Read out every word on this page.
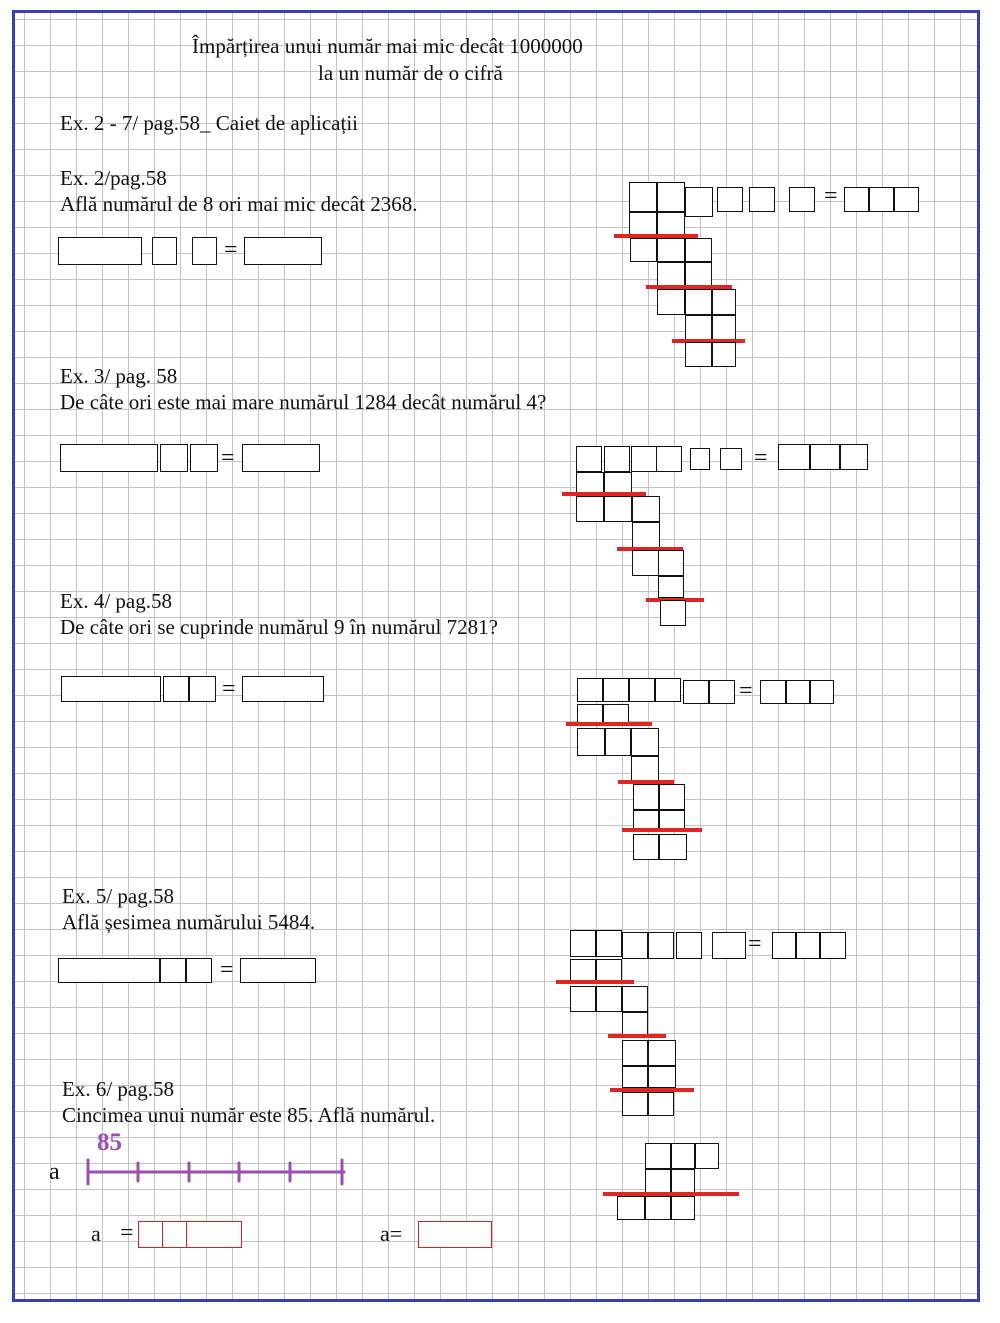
Împărțirea unui număr mai mic decât 1000000
la un număr de o cifră
Ex. 2 - 7/ pag.58_ Caiet de aplicații
Ex. 2/pag.58
Află numărul de 8 ori mai mic decât 2368.
Ex. 3/ pag. 58
De câte ori este mai mare numărul 1284 decât numărul 4?
Ex. 4/ pag.58
De câte ori se cuprinde numărul 9 în numărul 7281?
Ex. 5/ pag.58
Află șesimea numărului 5484.
Ex. 6/ pag.58
Cincimea unui număr este 85. Află numărul.
=
=
=
=
a
85
a =	a=
=
=
=
=
